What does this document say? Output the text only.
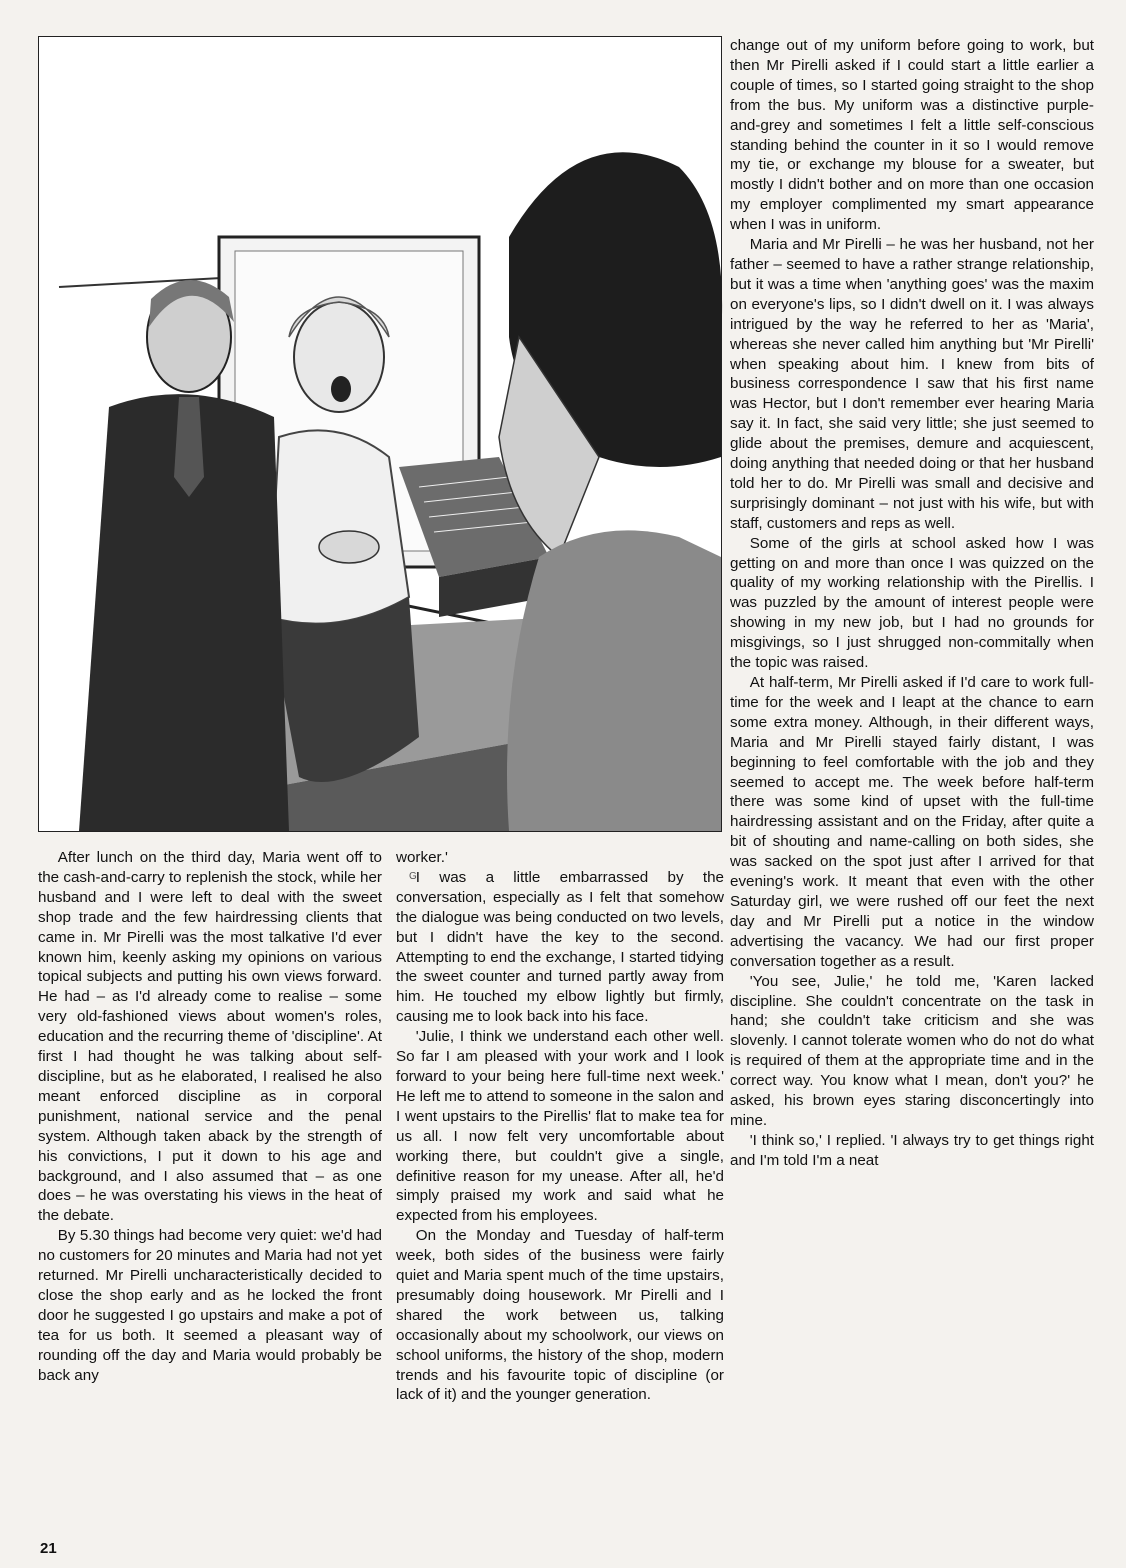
G

change out of my uniform before going to work, but then Mr Pirelli asked if I could start a little earlier a couple of times, so I started going straight to the shop from the bus. My uniform was a distinctive purple-and-grey and sometimes I felt a little self-conscious standing behind the counter in it so I would remove my tie, or exchange my blouse for a sweater, but mostly I didn't bother and on more than one occasion my employer complimented my smart appearance when I was in uniform.

Maria and Mr Pirelli – he was her husband, not her father – seemed to have a rather strange relationship, but it was a time when 'anything goes' was the maxim on everyone's lips, so I didn't dwell on it. I was always intrigued by the way he referred to her as 'Maria', whereas she never called him anything but 'Mr Pirelli' when speaking about him. I knew from bits of business correspondence I saw that his first name was Hector, but I don't remember ever hearing Maria say it. In fact, she said very little; she just seemed to glide about the premises, demure and acquiescent, doing anything that needed doing or that her husband told her to do. Mr Pirelli was small and decisive and surprisingly dominant – not just with his wife, but with staff, customers and reps as well.

Some of the girls at school asked how I was getting on and more than once I was quizzed on the quality of my working relationship with the Pirellis. I was puzzled by the amount of interest people were showing in my new job, but I had no grounds for misgivings, so I just shrugged non-commitally when the topic was raised.

At half-term, Mr Pirelli asked if I'd care to work full-time for the week and I leapt at the chance to earn some extra money. Although, in their different ways, Maria and Mr Pirelli stayed fairly distant, I was beginning to feel comfortable with the job and they seemed to accept me. The week before half-term there was some kind of upset with the full-time hairdressing assistant and on the Friday, after quite a bit of shouting and name-calling on both sides, she was sacked on the spot just after I arrived for that evening's work. It meant that even with the other Saturday girl, we were rushed off our feet the next day and Mr Pirelli put a notice in the window advertising the vacancy. We had our first proper conversation together as a result.

'You see, Julie,' he told me, 'Karen lacked discipline. She couldn't concentrate on the task in hand; she couldn't take criticism and she was slovenly. I cannot tolerate women who do not do what is required of them at the appropriate time and in the correct way. You know what I mean, don't you?' he asked, his brown eyes staring disconcertingly into mine.

'I think so,' I replied. 'I always try to get things right and I'm told I'm a neat

worker.'

I was a little embarrassed by the conversation, especially as I felt that somehow the dialogue was being conducted on two levels, but I didn't have the key to the second. Attempting to end the exchange, I started tidying the sweet counter and turned partly away from him. He touched my elbow lightly but firmly, causing me to look back into his face.

'Julie, I think we understand each other well. So far I am pleased with your work and I look forward to your being here full-time next week.' He left me to attend to someone in the salon and I went upstairs to the Pirellis' flat to make tea for us all. I now felt very uncomfortable about working there, but couldn't give a single, definitive reason for my unease. After all, he'd simply praised my work and said what he expected from his employees.

On the Monday and Tuesday of half-term week, both sides of the business were fairly quiet and Maria spent much of the time upstairs, presumably doing housework. Mr Pirelli and I shared the work between us, talking occasionally about my schoolwork, our views on school uniforms, the history of the shop, modern trends and his favourite topic of discipline (or lack of it) and the younger generation.

After lunch on the third day, Maria went off to the cash-and-carry to replenish the stock, while her husband and I were left to deal with the sweet shop trade and the few hairdressing clients that came in. Mr Pirelli was the most talkative I'd ever known him, keenly asking my opinions on various topical subjects and putting his own views forward. He had – as I'd already come to realise – some very old-fashioned views about women's roles, education and the recurring theme of 'discipline'. At first I had thought he was talking about self-discipline, but as he elaborated, I realised he also meant enforced discipline as in corporal punishment, national service and the penal system. Although taken aback by the strength of his convictions, I put it down to his age and background, and I also assumed that – as one does – he was overstating his views in the heat of the debate.

By 5.30 things had become very quiet: we'd had no customers for 20 minutes and Maria had not yet returned. Mr Pirelli uncharacteristically decided to close the shop early and as he locked the front door he suggested I go upstairs and make a pot of tea for us both. It seemed a pleasant way of rounding off the day and Maria would probably be back any

21
